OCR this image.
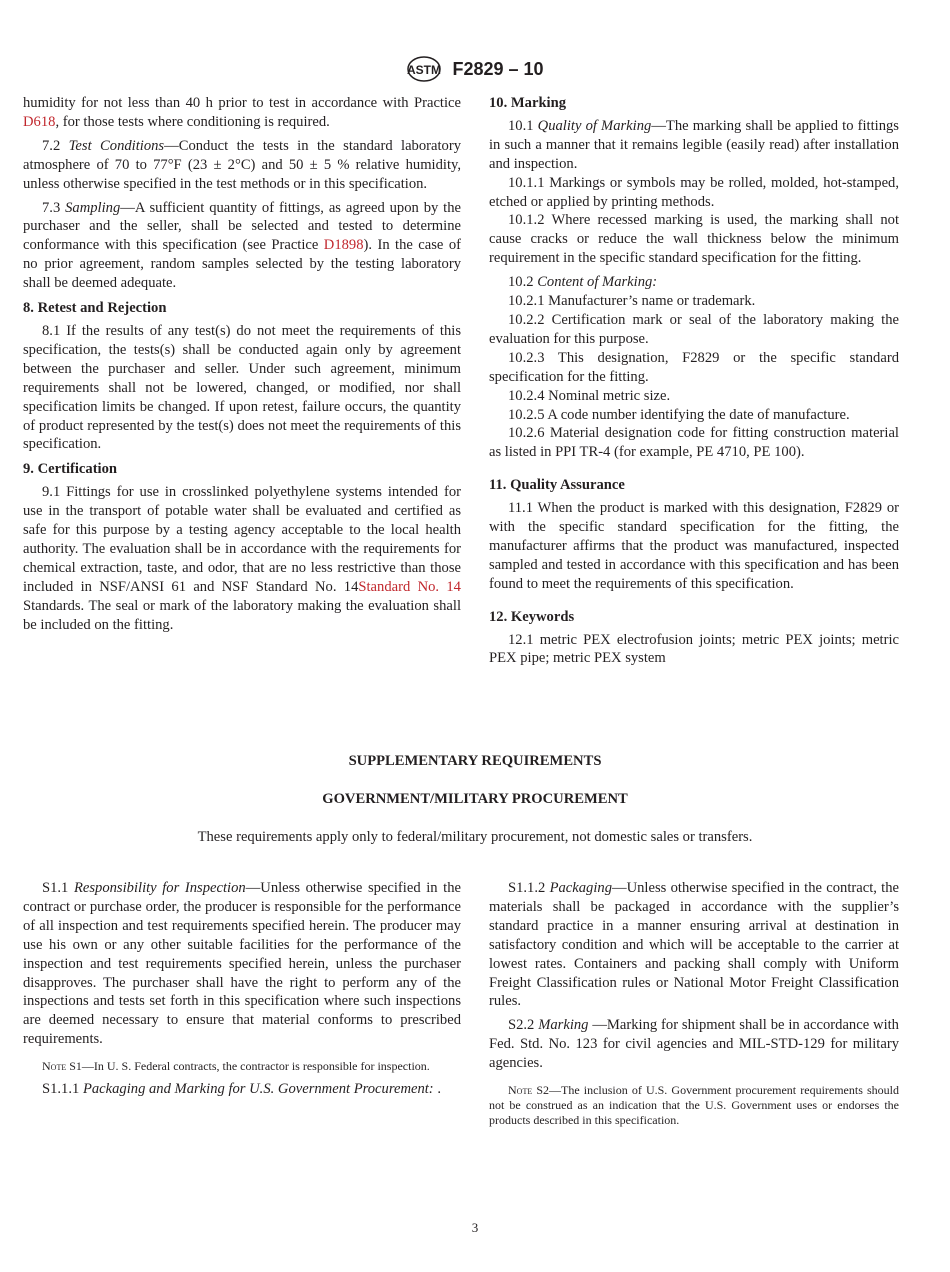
ASTM F2829 – 10

humidity for not less than 40 h prior to test in accordance with Practice D618, for those tests where conditioning is required.

7.2 Test Conditions—Conduct the tests in the standard laboratory atmosphere of 70 to 77°F (23 ± 2°C) and 50 ± 5 % relative humidity, unless otherwise specified in the test methods or in this specification.

7.3 Sampling—A sufficient quantity of fittings, as agreed upon by the purchaser and the seller, shall be selected and tested to determine conformance with this specification (see Practice D1898). In the case of no prior agreement, random samples selected by the testing laboratory shall be deemed adequate.

8. Retest and Rejection

8.1 If the results of any test(s) do not meet the requirements of this specification, the tests(s) shall be conducted again only by agreement between the purchaser and seller. Under such agreement, minimum requirements shall not be lowered, changed, or modified, nor shall specification limits be changed. If upon retest, failure occurs, the quantity of product represented by the test(s) does not meet the requirements of this specification.

9. Certification

9.1 Fittings for use in crosslinked polyethylene systems intended for use in the transport of potable water shall be evaluated and certified as safe for this purpose by a testing agency acceptable to the local health authority. The evaluation shall be in accordance with the requirements for chemical extraction, taste, and odor, that are no less restrictive than those included in NSF/ANSI 61 and NSF Standard No. 14Standard No. 14 Standards. The seal or mark of the laboratory making the evaluation shall be included on the fitting.

10. Marking

10.1 Quality of Marking—The marking shall be applied to fittings in such a manner that it remains legible (easily read) after installation and inspection.

10.1.1 Markings or symbols may be rolled, molded, hot-stamped, etched or applied by printing methods.

10.1.2 Where recessed marking is used, the marking shall not cause cracks or reduce the wall thickness below the minimum requirement in the specific standard specification for the fitting.

10.2 Content of Marking:

10.2.1 Manufacturer’s name or trademark.

10.2.2 Certification mark or seal of the laboratory making the evaluation for this purpose.

10.2.3 This designation, F2829 or the specific standard specification for the fitting.

10.2.4 Nominal metric size.

10.2.5 A code number identifying the date of manufacture.

10.2.6 Material designation code for fitting construction material as listed in PPI TR-4 (for example, PE 4710, PE 100).

11. Quality Assurance

11.1 When the product is marked with this designation, F2829 or with the specific standard specification for the fitting, the manufacturer affirms that the product was manufactured, inspected sampled and tested in accordance with this specification and has been found to meet the requirements of this specification.

12. Keywords

12.1 metric PEX electrofusion joints; metric PEX joints; metric PEX pipe; metric PEX system

SUPPLEMENTARY REQUIREMENTS
GOVERNMENT/MILITARY PROCUREMENT
These requirements apply only to federal/military procurement, not domestic sales or transfers.

S1.1 Responsibility for Inspection—Unless otherwise specified in the contract or purchase order, the producer is responsible for the performance of all inspection and test requirements specified herein. The producer may use his own or any other suitable facilities for the performance of the inspection and test requirements specified herein, unless the purchaser disapproves. The purchaser shall have the right to perform any of the inspections and tests set forth in this specification where such inspections are deemed necessary to ensure that material conforms to prescribed requirements.

Note S1—In U. S. Federal contracts, the contractor is responsible for inspection.

S1.1.1 Packaging and Marking for U.S. Government Procurement: .

S1.1.2 Packaging—Unless otherwise specified in the contract, the materials shall be packaged in accordance with the supplier’s standard practice in a manner ensuring arrival at destination in satisfactory condition and which will be acceptable to the carrier at lowest rates. Containers and packing shall comply with Uniform Freight Classification rules or National Motor Freight Classification rules.

S2.2 Marking —Marking for shipment shall be in accordance with Fed. Std. No. 123 for civil agencies and MIL-STD-129 for military agencies.

Note S2—The inclusion of U.S. Government procurement requirements should not be construed as an indication that the U.S. Government uses or endorses the products described in this specification.
3
